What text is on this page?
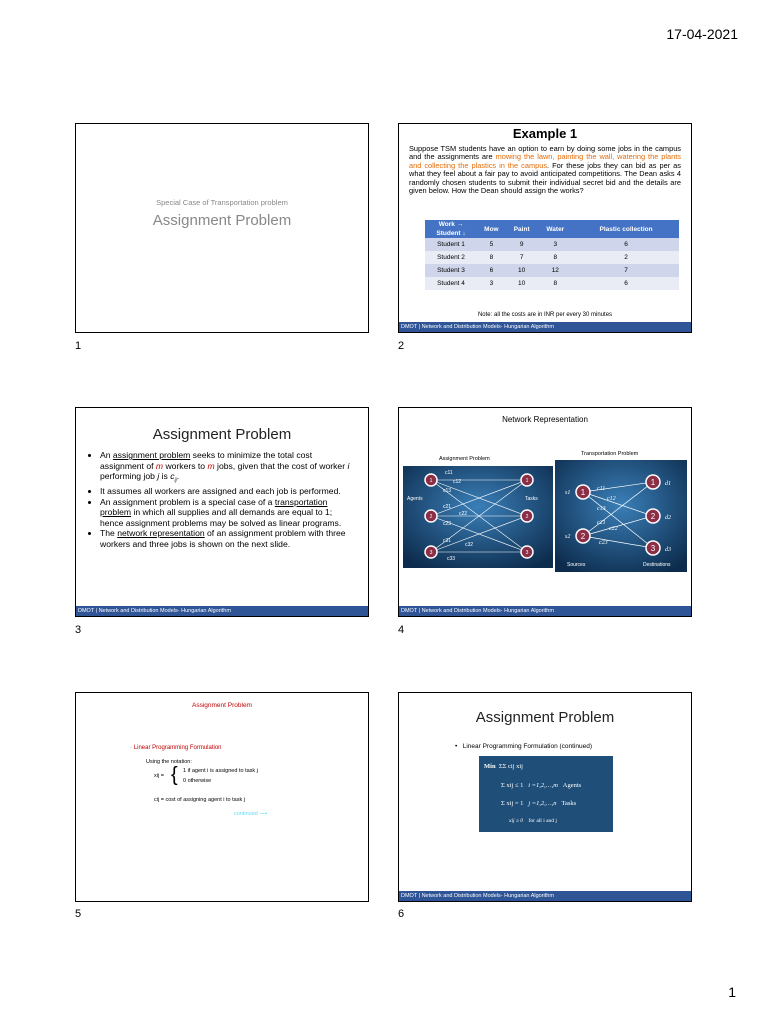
17-04-2021
Special Case of Transportation problem
Assignment Problem
1
Example 1
Suppose TSM students have an option to earn by doing some jobs in the campus and the assignments are mowing the lawn, painting the wall, watering the plants and collecting the plastics in the campus. For these jobs they can bid as per as what they feel about a fair pay to avoid anticipated competitions. The Dean asks 4 randomly chosen students to submit their individual secret bid and the details are given below. How the Dean should assign the works?
Work →
Student ↓	Mow	Paint	Water	Plastic collection
Student 1	5	9	3	6
Student 2	8	7	8	2
Student 3	6	10	12	7
Student 4	3	10	8	6
Note: all the costs are in INR per every 30 minutes
DMOT | Network and Distribution Models- Hungarian Algorithm
2
Assignment Problem
• An assignment problem seeks to minimize the total cost assignment of m workers to m jobs, given that the cost of worker i performing job j is $c_{ij}$.
• It assumes all workers are assigned and each job is performed.
• An assignment problem is a special case of a transportation problem in which all supplies and all demands are equal to 1; hence assignment problems may be solved as linear programs.
• The network representation of an assignment problem with three workers and three jobs is shown on the next slide.
DMOT | Network and Distribution Models- Hungarian Algorithm
3
Network Representation
1
2
3
1
2
3
Agents	Tasks
c11
c12
c13
c21
c22
c23
c31
c32
c33
Assignment Problem
1
2
1
2
3
s1
s2
d1
d2
d3
c11
c12
c13
c21
c22
c23
Sources	Destinations
Transportation Problem
DMOT | Network and Distribution Models- Hungarian Algorithm
4
Assignment Problem
▫ Linear Programming Formulation
Using the notation:
xij = { 1 if agent i is assigned to task j
0 otherwise
cij = cost of assigning agent i to task j
continued ⟶
5
Assignment Problem
•   Linear Programming Formulation (continued)
Min ΣΣ cij xij
Σ xij ≤ 1 i =1,2,…,m Agents
Σ xij = 1 j =1,2,…,n Tasks
xij ≥ 0 for all i and j
DMOT | Network and Distribution Models- Hungarian Algorithm
6
1
